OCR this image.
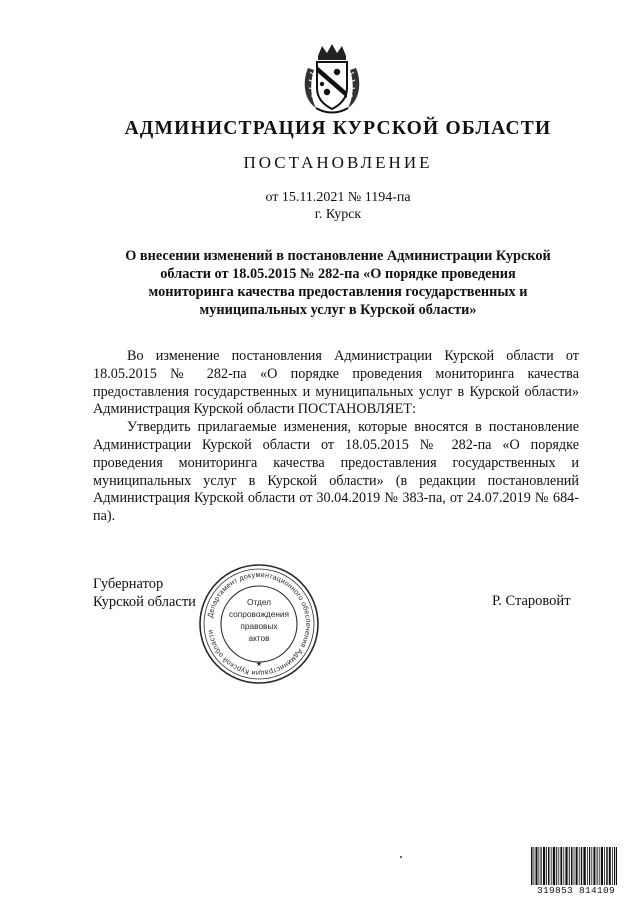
АДМИНИСТРАЦИЯ КУРСКОЙ ОБЛАСТИ
ПОСТАНОВЛЕНИЕ
от 15.11.2021 № 1194-па
г. Курск
О внесении изменений в постановление Администрации Курской области от 18.05.2015 № 282-па «О порядке проведения мониторинга качества предоставления государственных и муниципальных услуг в Курской области»

Во изменение постановления Администрации Курской области от 18.05.2015 № 282-па «О порядке проведения мониторинга качества предоставления государственных и муниципальных услуг в Курской области» Администрация Курской области ПОСТАНОВЛЯЕТ:

Утвердить прилагаемые изменения, которые вносятся в постановление Администрации Курской области от 18.05.2015 № 282-па «О порядке проведения мониторинга качества предоставления государственных и муниципальных услуг в Курской области» (в редакции постановлений Администрация Курской области от 30.04.2019 № 383-па, от 24.07.2019 № 684-па).

Губернатор
Курской области	Р. Старовойт
Департамент документационного обеспечения Администрации Курской области
★
Отдел
сопровождения
правовых
актов
319853 814109
